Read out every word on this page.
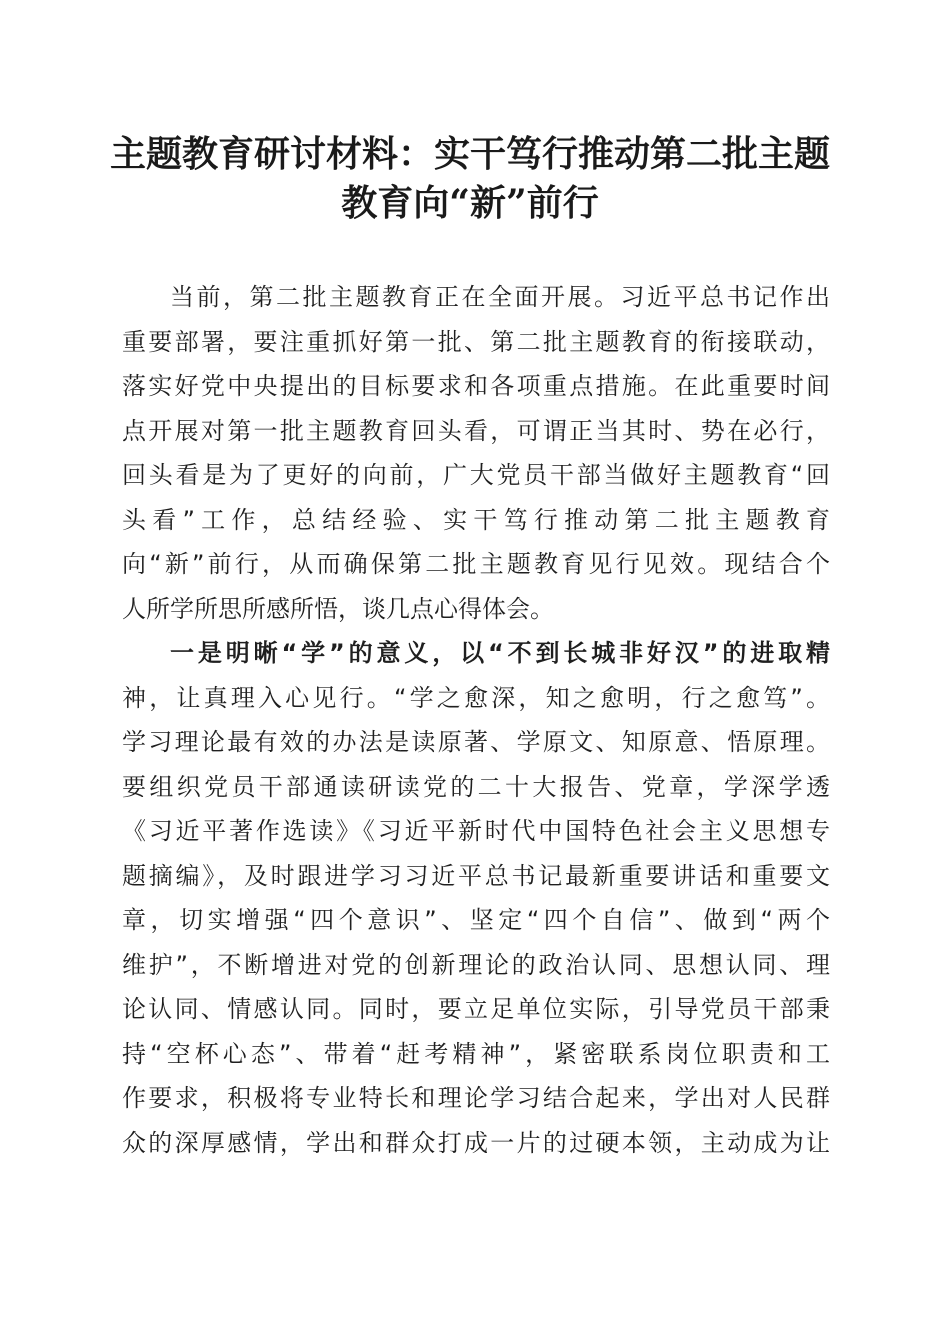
主题教育研讨材料：实干笃行推动第二批主题
教育向“新”前行
当前，第二批主题教育正在全面开展。习近平总书记作出
重要部署，要注重抓好第一批、第二批主题教育的衔接联动，
落实好党中央提出的目标要求和各项重点措施。在此重要时间
点开展对第一批主题教育回头看，可谓正当其时、势在必行，
回头看是为了更好的向前，广大党员干部当做好主题教育“回
头看”工作，总结经验、实干笃行推动第二批主题教育
向“新”前行，从而确保第二批主题教育见行见效。现结合个
人所学所思所感所悟，谈几点心得体会。
一是明晰“学”的意义，以“不到长城非好汉”的进取精
神，让真理入心见行。“学之愈深，知之愈明，行之愈笃”。
学习理论最有效的办法是读原著、学原文、知原意、悟原理。
要组织党员干部通读研读党的二十大报告、党章，学深学透
《习近平著作选读》《习近平新时代中国特色社会主义思想专
题摘编》，及时跟进学习习近平总书记最新重要讲话和重要文
章，切实增强“四个意识”、坚定“四个自信”、做到“两个
维护”，不断增进对党的创新理论的政治认同、思想认同、理
论认同、情感认同。同时，要立足单位实际，引导党员干部秉
持“空杯心态”、带着“赶考精神”，紧密联系岗位职责和工
作要求，积极将专业特长和理论学习结合起来，学出对人民群
众的深厚感情，学出和群众打成一片的过硬本领，主动成为让
